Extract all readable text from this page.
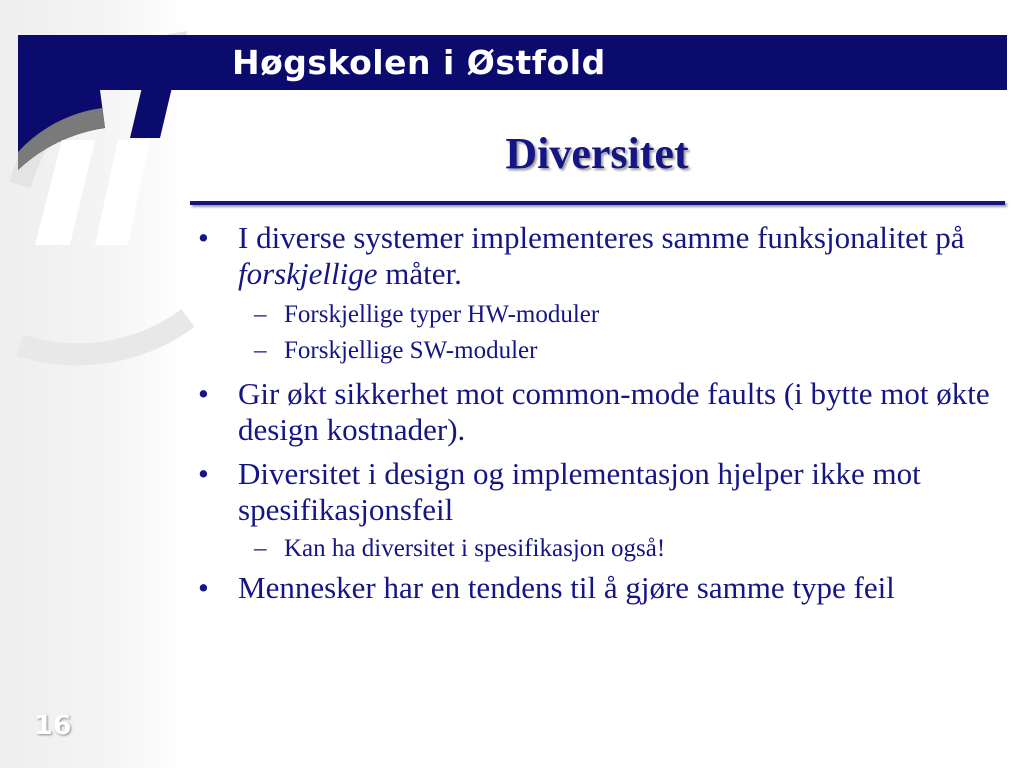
Høgskolen i Østfold
Diversitet
• I diverse systemer implementeres samme funksjonalitet på forskjellige måter.
– Forskjellige typer HW-moduler
– Forskjellige SW-moduler
• Gir økt sikkerhet mot common-mode faults (i bytte mot økte design kostnader).
• Diversitet i design og implementasjon hjelper ikke mot spesifikasjonsfeil
– Kan ha diversitet i spesifikasjon også!
• Mennesker har en tendens til å gjøre samme type feil
16
